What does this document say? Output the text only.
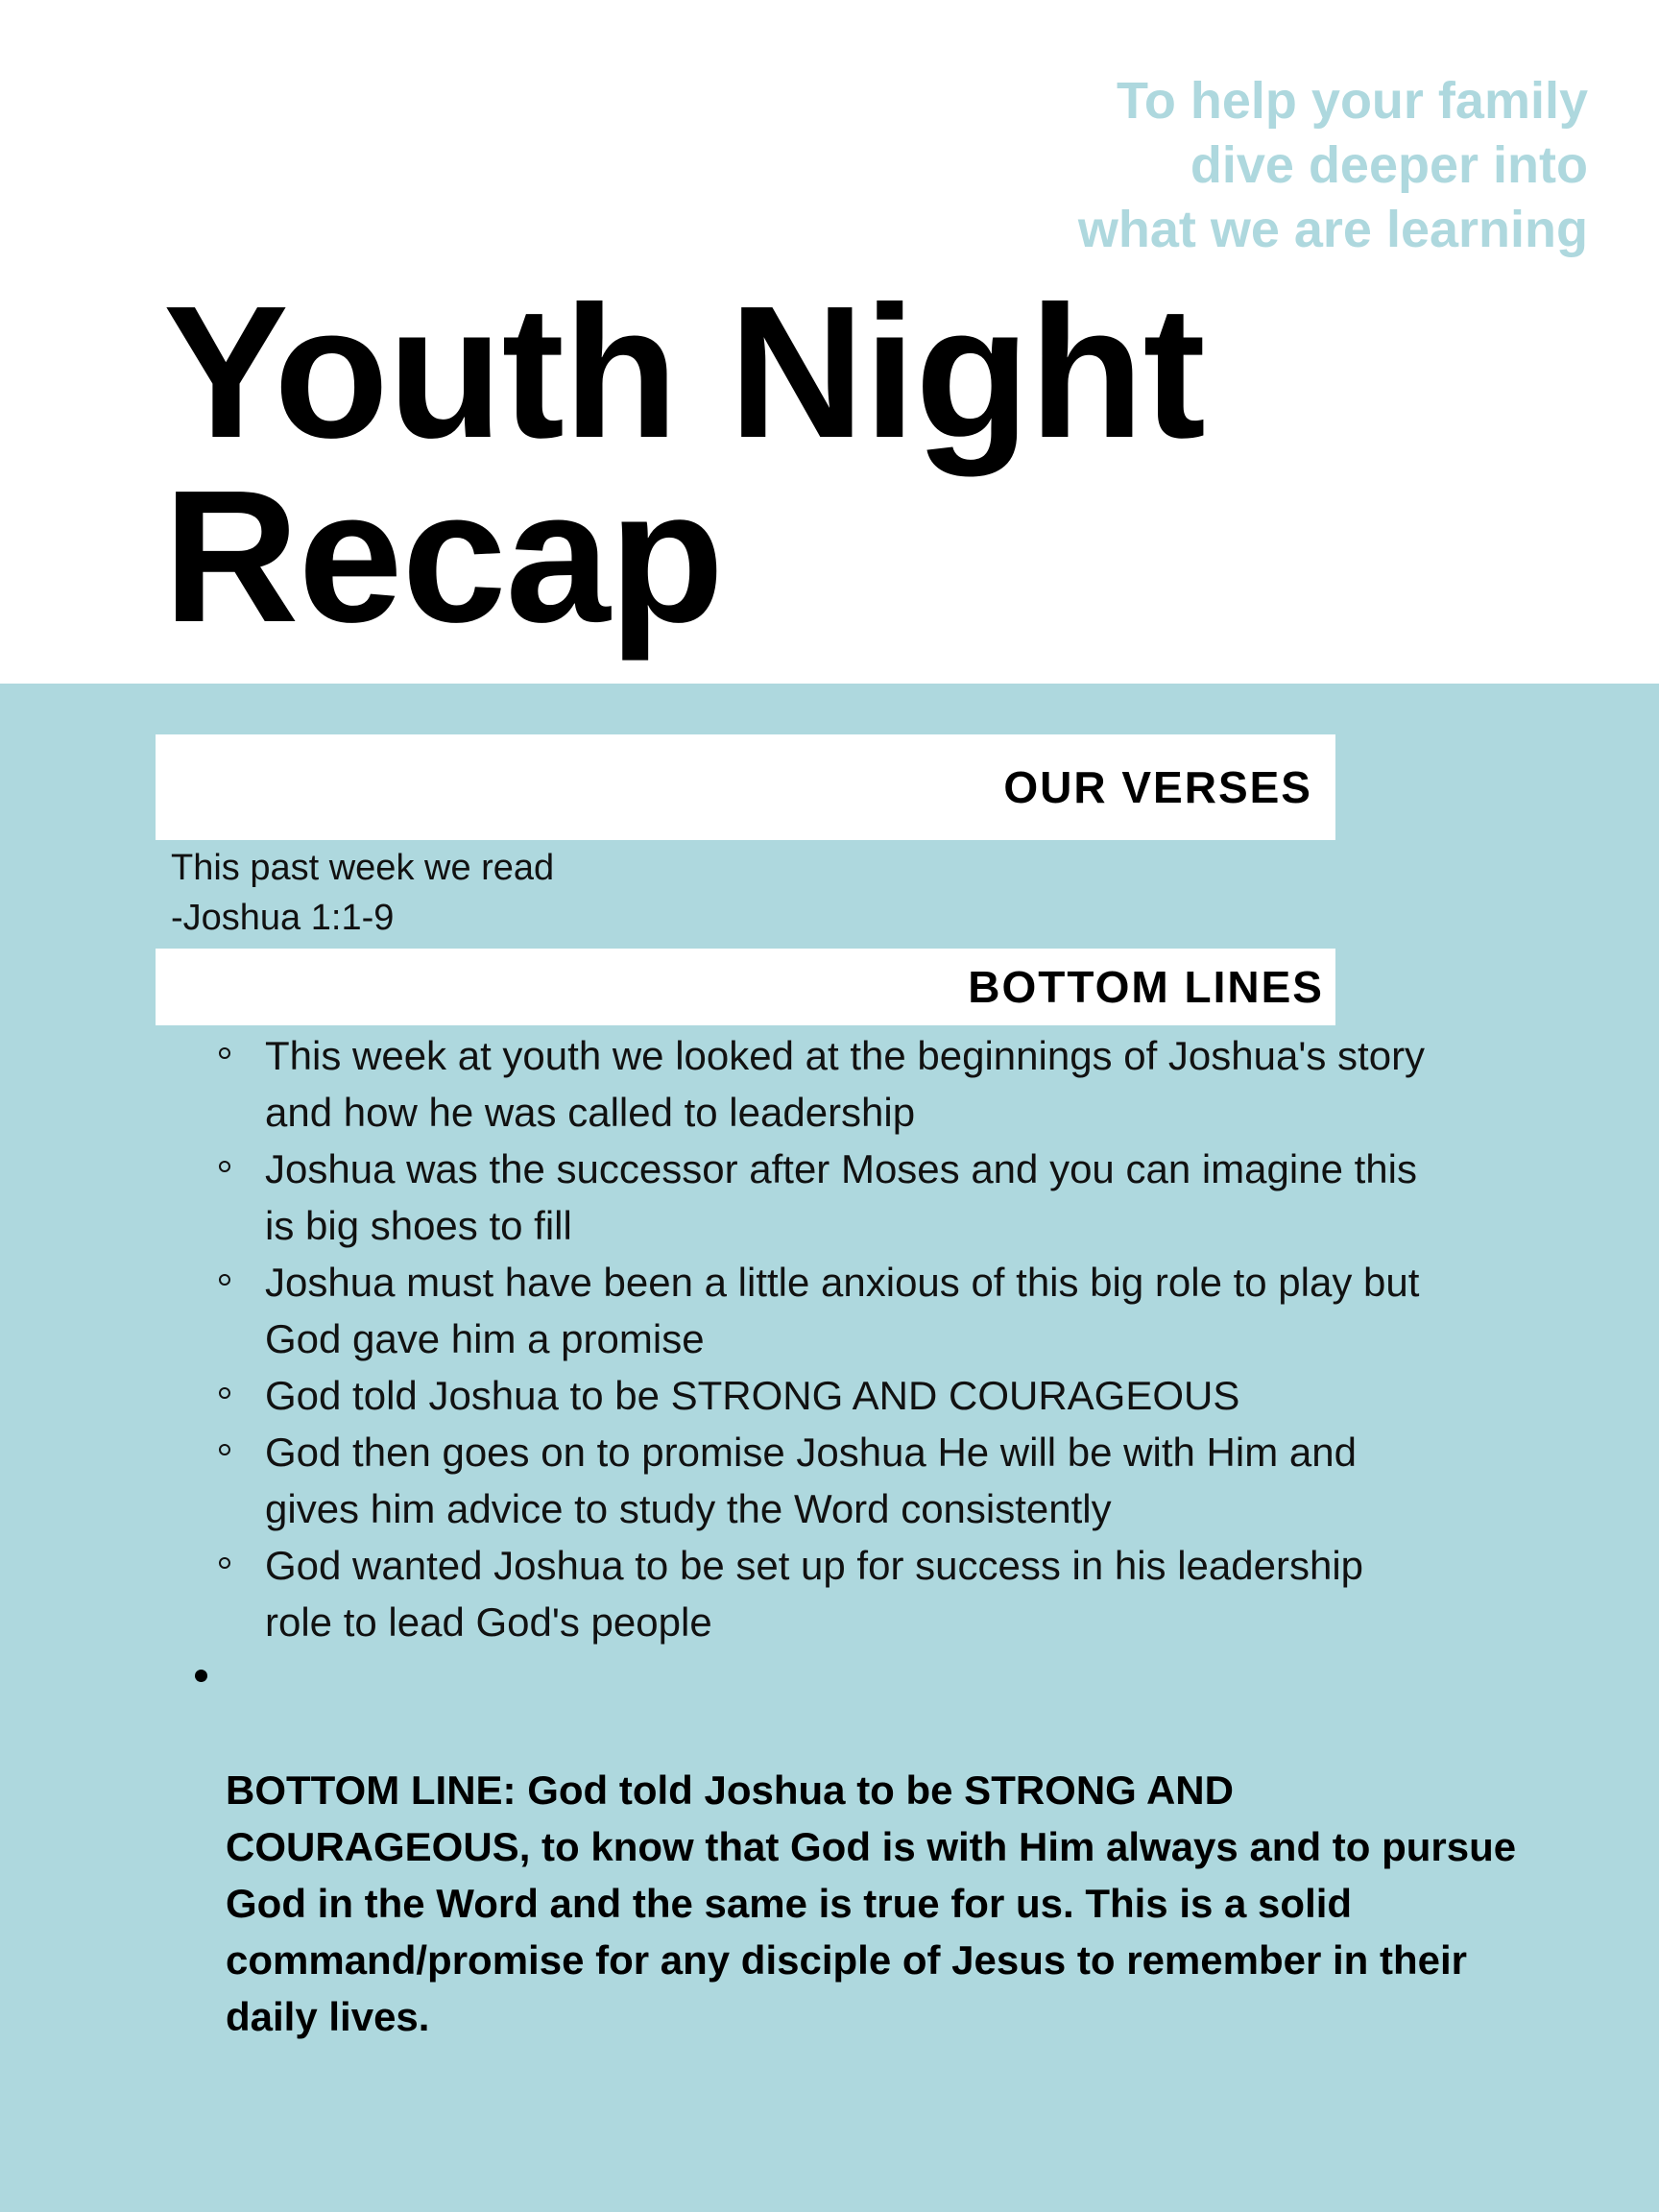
To help your family
dive deeper into
what we are learning
Youth Night
Recap
OUR VERSES
This past week we read
-Joshua 1:1-9
BOTTOM LINES
This week at youth we looked at the beginnings of Joshua's story
and how he was called to leadership
Joshua was the successor after Moses and you can imagine this
is big shoes to fill
Joshua must have been a little anxious of this big role to play but
God gave him a promise
God told Joshua to be STRONG AND COURAGEOUS
God then goes on to promise Joshua He will be with Him and
gives him advice to study the Word consistently
God wanted Joshua to be set up for success in his leadership
role to lead God's people

BOTTOM LINE: God told Joshua to be STRONG AND
COURAGEOUS, to know that God is with Him always and to pursue
God in the Word and the same is true for us. This is a solid
command/promise for any disciple of Jesus to remember in their
daily lives.
